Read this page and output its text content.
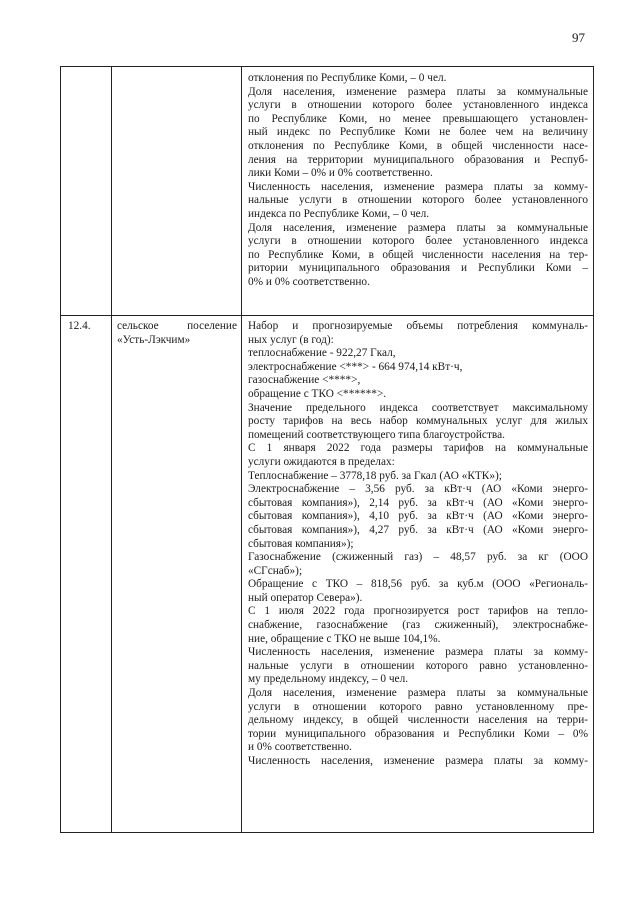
97
отклонения по Республике Коми, – 0 чел.
Доля населения, изменение размера платы за коммунальные
услуги в отношении которого более установленного индекса
по Республике Коми, но менее превышающего установлен-
ный индекс по Республике Коми не более чем на величину
отклонения по Республике Коми, в общей численности насе-
ления на территории муниципального образования и Респуб-
лики Коми – 0% и 0% соответственно.
Численность населения, изменение размера платы за комму-
нальные услуги в отношении которого более установленного
индекса по Республике Коми, – 0 чел.
Доля населения, изменение размера платы за коммунальные
услуги в отношении которого более установленного индекса
по Республике Коми, в общей численности населения на тер-
ритории муниципального образования и Республики Коми –
0% и 0% соответственно.
12.4. сельское поселение
«Усть-Лэкчим»
Набор и прогнозируемые объемы потребления коммуналь-
ных услуг (в год):
теплоснабжение - 922,27 Гкал,
электроснабжение <***> - 664 974,14 кВт·ч,
газоснабжение <****>,
обращение с ТКО <******>.
Значение предельного индекса соответствует максимальному
росту тарифов на весь набор коммунальных услуг для жилых
помещений соответствующего типа благоустройства.
С 1 января 2022 года размеры тарифов на коммунальные
услуги ожидаются в пределах:
Теплоснабжение – 3778,18 руб. за Гкал (АО «КТК»);
Электроснабжение – 3,56 руб. за кВт·ч (АО «Коми энерго-
сбытовая компания»), 2,14 руб. за кВт·ч (АО «Коми энерго-
сбытовая компания»), 4,10 руб. за кВт·ч (АО «Коми энерго-
сбытовая компания»), 4,27 руб. за кВт·ч (АО «Коми энерго-
сбытовая компания»);
Газоснабжение (сжиженный газ) – 48,57 руб. за кг (ООО
«СГснаб»);
Обращение с ТКО – 818,56 руб. за куб.м (ООО «Региональ-
ный оператор Севера»).
С 1 июля 2022 года прогнозируется рост тарифов на тепло-
снабжение, газоснабжение (газ сжиженный), электроснабже-
ние, обращение с ТКО не выше 104,1%.
Численность населения, изменение размера платы за комму-
нальные услуги в отношении которого равно установленно-
му предельному индексу, – 0 чел.
Доля населения, изменение размера платы за коммунальные
услуги в отношении которого равно установленному пре-
дельному индексу, в общей численности населения на терри-
тории муниципального образования и Республики Коми – 0%
и 0% соответственно.
Численность населения, изменение размера платы за комму-
